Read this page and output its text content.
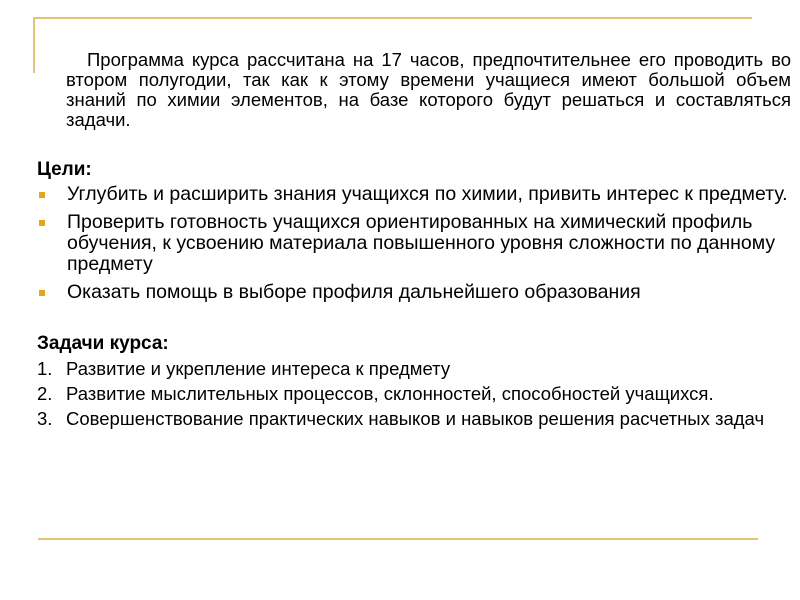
Программа курса рассчитана на 17 часов, предпочтительнее его проводить во втором полугодии, так как к этому времени учащиеся имеют большой объем знаний по химии элементов, на базе которого будут решаться и составляться задачи.

Цели:

Углубить и расширить знания учащихся по химии, привить интерес к предмету.
Проверить готовность учащихся ориентированных на химический профиль обучения, к усвоению материала повышенного уровня сложности по данному предмету
Оказать помощь в выборе профиля дальнейшего образования

Задачи курса:

1. Развитие и укрепление интереса к предмету
2. Развитие мыслительных процессов, склонностей, способностей учащихся.
3. Совершенствование практических навыков и навыков решения расчетных задач
